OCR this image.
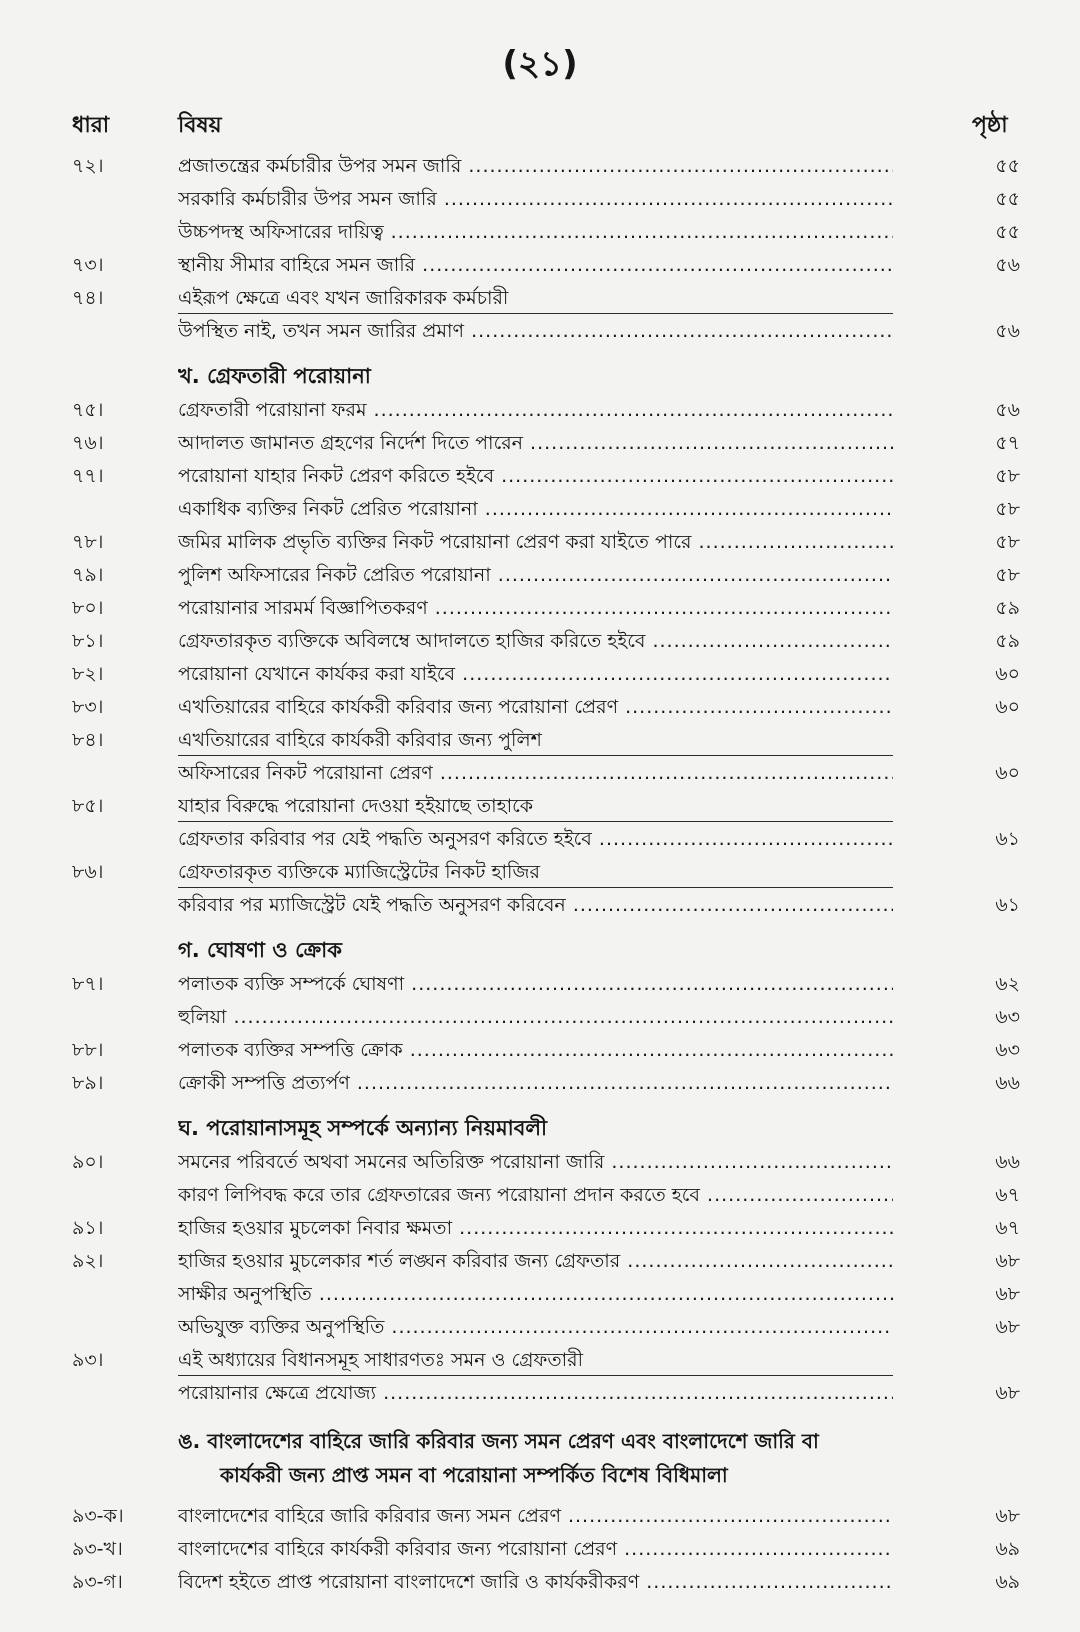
(২১)
ধারা	বিষয়	পৃষ্ঠা
৭২।	প্রজাতন্ত্রের কর্মচারীর উপর সমন জারি .....	৫৫
সরকারি কর্মচারীর উপর সমন জারি .....	৫৫
উচ্চপদস্থ অফিসারের দায়িত্ব .....	৫৫
৭৩।	স্থানীয় সীমার বাহিরে সমন জারি .....	৫৬
৭৪।	এইরূপ ক্ষেত্রে এবং যখন জারিকারক কর্মচারী
উপস্থিত নাই, তখন সমন জারির প্রমাণ .....	৫৬
খ. গ্রেফতারী পরোয়ানা
৭৫।	গ্রেফতারী পরোয়ানা ফরম .....	৫৬
৭৬।	আদালত জামানত গ্রহণের নির্দেশ দিতে পারেন .....	৫৭
৭৭।	পরোয়ানা যাহার নিকট প্রেরণ করিতে হইবে .....	৫৮
একাধিক ব্যক্তির নিকট প্রেরিত পরোয়ানা .....	৫৮
৭৮।	জমির মালিক প্রভৃতি ব্যক্তির নিকট পরোয়ানা প্রেরণ করা যাইতে পারে .....	৫৮
৭৯।	পুলিশ অফিসারের নিকট প্রেরিত পরোয়ানা .....	৫৮
৮০।	পরোয়ানার সারমর্ম বিজ্ঞাপিতকরণ .....	৫৯
৮১।	গ্রেফতারকৃত ব্যক্তিকে অবিলম্বে আদালতে হাজির করিতে হইবে .....	৫৯
৮২।	পরোয়ানা যেখানে কার্যকর করা যাইবে .....	৬০
৮৩।	এখতিয়ারের বাহিরে কার্যকরী করিবার জন্য পরোয়ানা প্রেরণ .....	৬০
৮৪।	এখতিয়ারের বাহিরে কার্যকরী করিবার জন্য পুলিশ
অফিসারের নিকট পরোয়ানা প্রেরণ .....	৬০
৮৫।	যাহার বিরুদ্ধে পরোয়ানা দেওয়া হইয়াছে তাহাকে
গ্রেফতার করিবার পর যেই পদ্ধতি অনুসরণ করিতে হইবে .....	৬১
৮৬।	গ্রেফতারকৃত ব্যক্তিকে ম্যাজিস্ট্রেটের নিকট হাজির
করিবার পর ম্যাজিস্ট্রেট যেই পদ্ধতি অনুসরণ করিবেন .....	৬১
গ. ঘোষণা ও ক্রোক
৮৭।	পলাতক ব্যক্তি সম্পর্কে ঘোষণা .....	৬২
হুলিয়া .....	৬৩
৮৮।	পলাতক ব্যক্তির সম্পত্তি ক্রোক .....	৬৩
৮৯।	ক্রোকী সম্পত্তি প্রত্যর্পণ .....	৬৬
ঘ. পরোয়ানাসমূহ সম্পর্কে অন্যান্য নিয়মাবলী
৯০।	সমনের পরিবর্তে অথবা সমনের অতিরিক্ত পরোয়ানা জারি .....	৬৬
কারণ লিপিবদ্ধ করে তার গ্রেফতারের জন্য পরোয়ানা প্রদান করতে হবে .....	৬৭
৯১।	হাজির হওয়ার মুচলেকা নিবার ক্ষমতা .....	৬৭
৯২।	হাজির হওয়ার মুচলেকার শর্ত লঙ্ঘন করিবার জন্য গ্রেফতার .....	৬৮
সাক্ষীর অনুপস্থিতি .....	৬৮
অভিযুক্ত ব্যক্তির অনুপস্থিতি .....	৬৮
৯৩।	এই অধ্যায়ের বিধানসমূহ সাধারণতঃ সমন ও গ্রেফতারী
পরোয়ানার ক্ষেত্রে প্রযোজ্য .....	৬৮
ঙ. বাংলাদেশের বাহিরে জারি করিবার জন্য সমন প্রেরণ এবং বাংলাদেশে জারি বা
কার্যকরী জন্য প্রাপ্ত সমন বা পরোয়ানা সম্পর্কিত বিশেষ বিধিমালা
৯৩-ক।	বাংলাদেশের বাহিরে জারি করিবার জন্য সমন প্রেরণ .....	৬৮
৯৩-খ।	বাংলাদেশের বাহিরে কার্যকরী করিবার জন্য পরোয়ানা প্রেরণ .....	৬৯
৯৩-গ।	বিদেশ হইতে প্রাপ্ত পরোয়ানা বাংলাদেশে জারি ও কার্যকরীকরণ .....	৬৯
